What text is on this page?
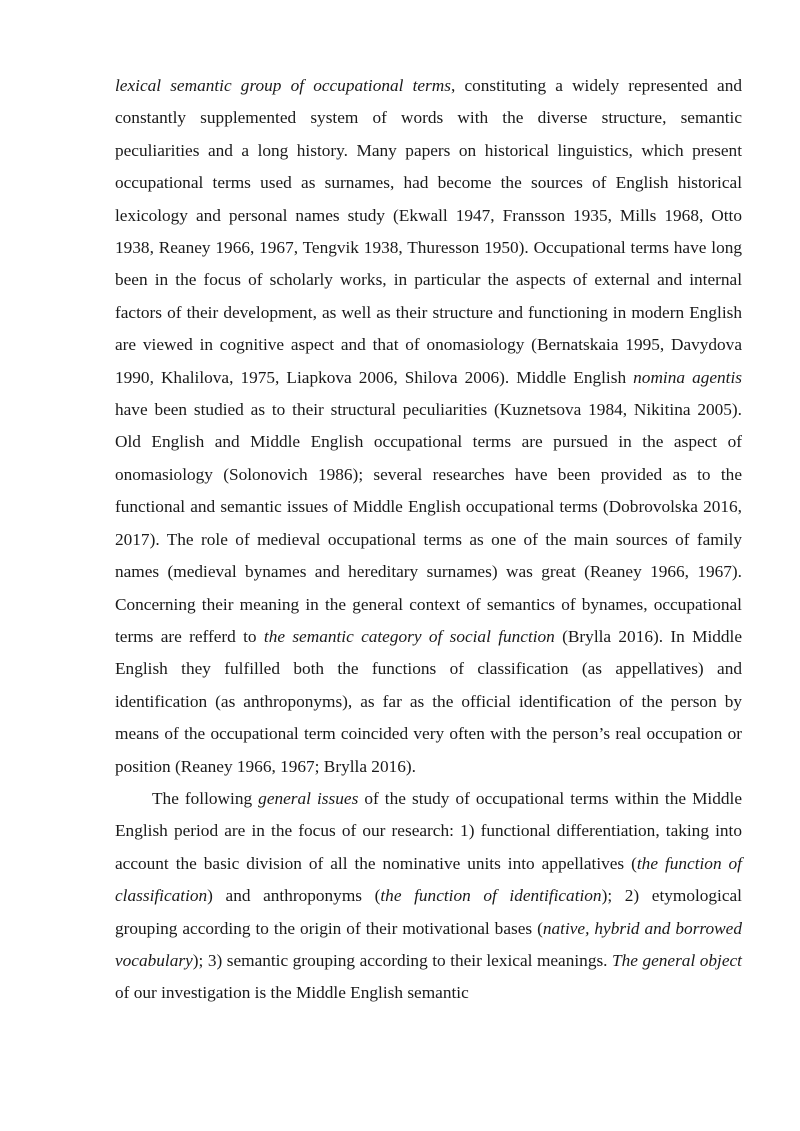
lexical semantic group of occupational terms, constituting a widely represented and constantly supplemented system of words with the diverse structure, semantic peculiarities and a long history. Many papers on historical linguistics, which present occupational terms used as surnames, had become the sources of English historical lexicology and personal names study (Ekwall 1947, Fransson 1935, Mills 1968, Otto 1938, Reaney 1966, 1967, Tengvik 1938, Thuresson 1950). Occupational terms have long been in the focus of scholarly works, in particular the aspects of external and internal factors of their development, as well as their structure and functioning in modern English are viewed in cognitive aspect and that of onomasiology (Bernatskaia 1995, Davydova 1990, Khalilova, 1975, Liapkova 2006, Shilova 2006). Middle English nomina agentis have been studied as to their structural peculiarities (Kuznetsova 1984, Nikitina 2005). Old English and Middle English occupational terms are pursued in the aspect of onomasiology (Solonovich 1986); several researches have been provided as to the functional and semantic issues of Middle English occupational terms (Dobrovolska 2016, 2017). The role of medieval occupational terms as one of the main sources of family names (medieval bynames and hereditary surnames) was great (Reaney 1966, 1967). Concerning their meaning in the general context of semantics of bynames, occupational terms are refferd to the semantic category of social function (Brylla 2016). In Middle English they fulfilled both the functions of classification (as appellatives) and identification (as anthroponyms), as far as the official identification of the person by means of the occupational term coincided very often with the person’s real occupation or position (Reaney 1966, 1967; Brylla 2016).

The following general issues of the study of occupational terms within the Middle English period are in the focus of our research: 1) functional differentiation, taking into account the basic division of all the nominative units into appellatives (the function of classification) and anthroponyms (the function of identification); 2) etymological grouping according to the origin of their motivational bases (native, hybrid and borrowed vocabulary); 3) semantic grouping according to their lexical meanings. The general object of our investigation is the Middle English semantic
